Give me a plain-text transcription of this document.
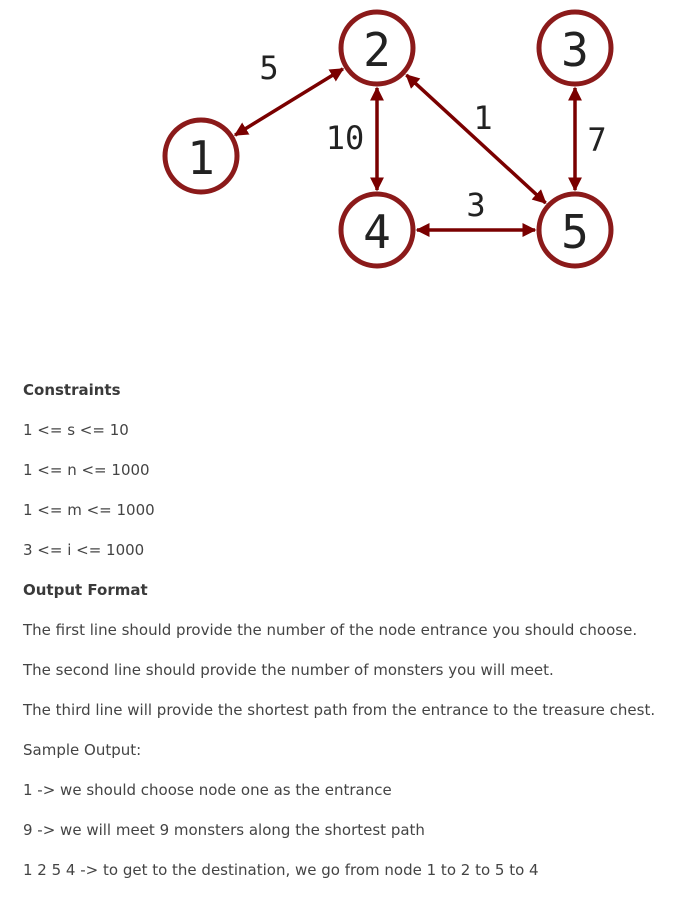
1
2	3
4	5
5
10
1
7
3
Constraints
1 <= s <= 10
1 <= n <= 1000
1 <= m <= 1000
3 <= i <= 1000
Output Format
The first line should provide the number of the node entrance you should choose.
The second line should provide the number of monsters you will meet.
The third line will provide the shortest path from the entrance to the treasure chest.
Sample Output:
1 -> we should choose node one as the entrance
9 -> we will meet 9 monsters along the shortest path
1 2 5 4 -> to get to the destination, we go from node 1 to 2 to 5 to 4
